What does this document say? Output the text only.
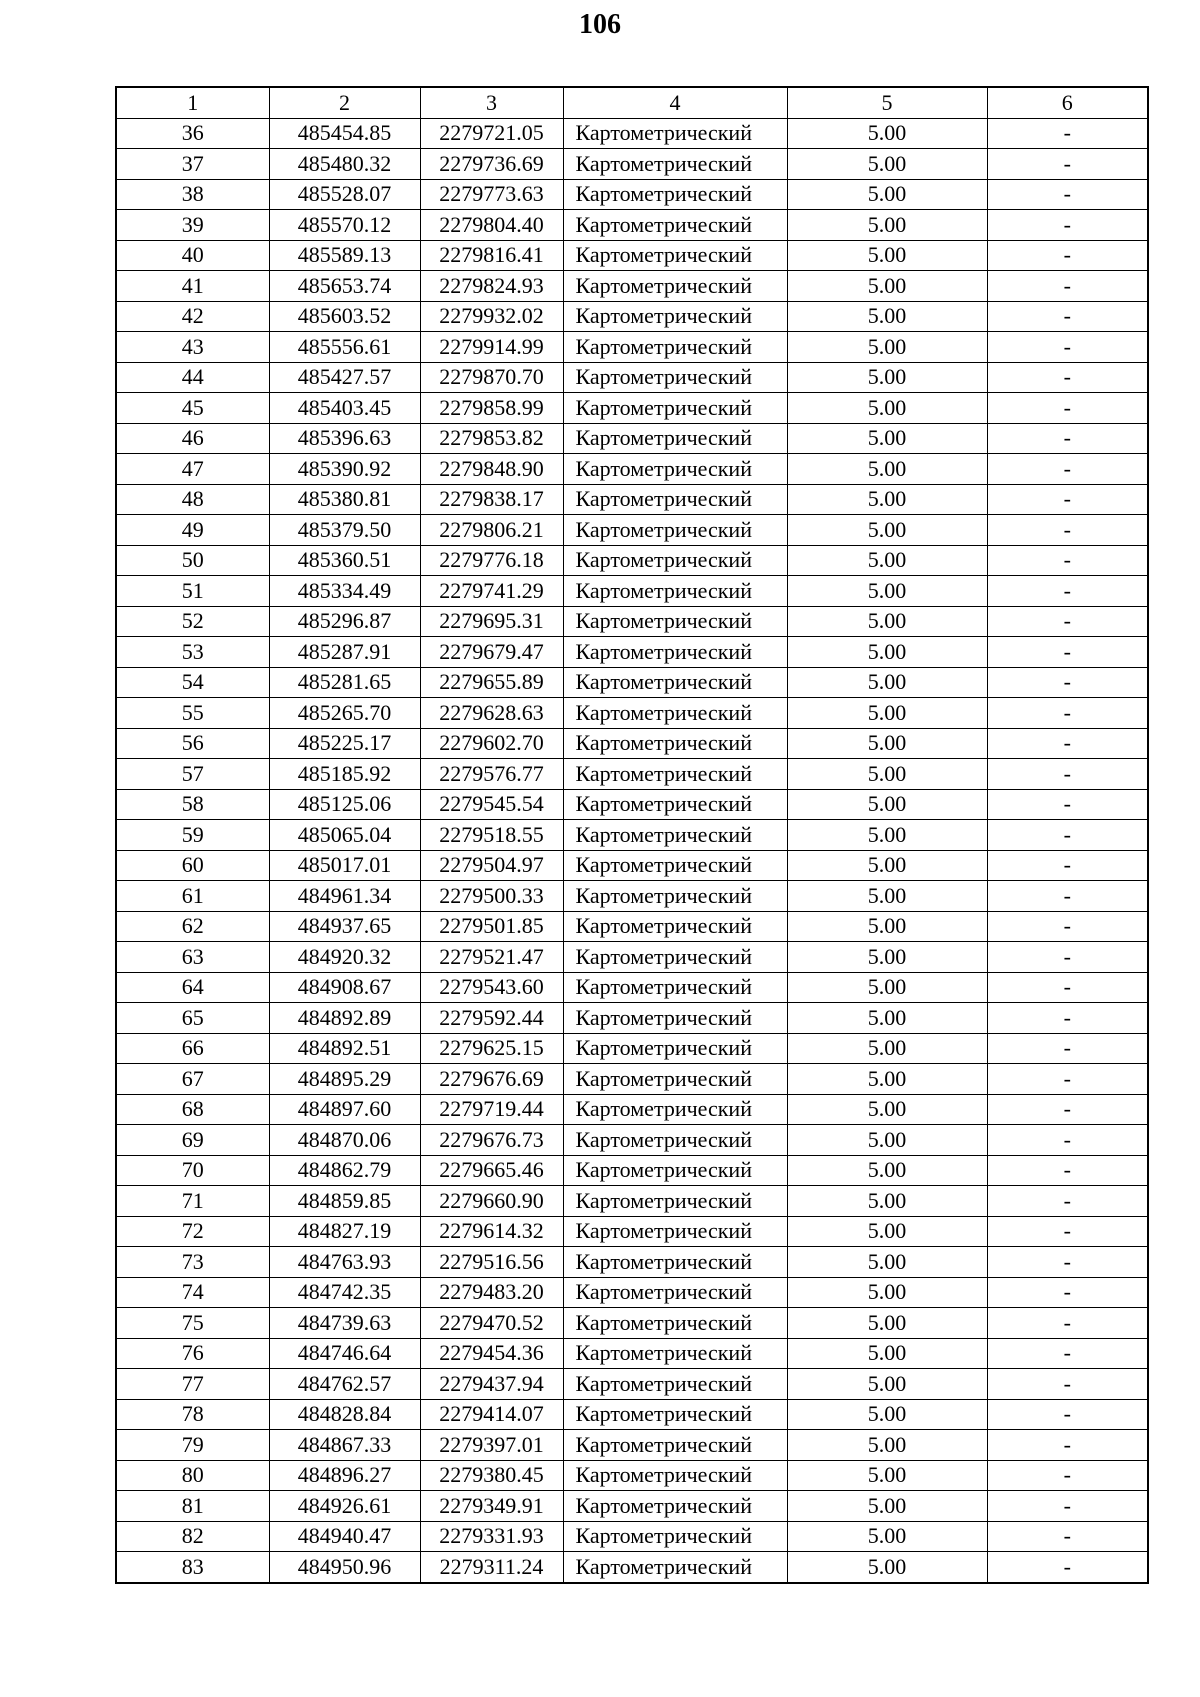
106
1	2	3	4	5	6
36	485454.85	2279721.05	Картометрический	5.00	-
37	485480.32	2279736.69	Картометрический	5.00	-
38	485528.07	2279773.63	Картометрический	5.00	-
39	485570.12	2279804.40	Картометрический	5.00	-
40	485589.13	2279816.41	Картометрический	5.00	-
41	485653.74	2279824.93	Картометрический	5.00	-
42	485603.52	2279932.02	Картометрический	5.00	-
43	485556.61	2279914.99	Картометрический	5.00	-
44	485427.57	2279870.70	Картометрический	5.00	-
45	485403.45	2279858.99	Картометрический	5.00	-
46	485396.63	2279853.82	Картометрический	5.00	-
47	485390.92	2279848.90	Картометрический	5.00	-
48	485380.81	2279838.17	Картометрический	5.00	-
49	485379.50	2279806.21	Картометрический	5.00	-
50	485360.51	2279776.18	Картометрический	5.00	-
51	485334.49	2279741.29	Картометрический	5.00	-
52	485296.87	2279695.31	Картометрический	5.00	-
53	485287.91	2279679.47	Картометрический	5.00	-
54	485281.65	2279655.89	Картометрический	5.00	-
55	485265.70	2279628.63	Картометрический	5.00	-
56	485225.17	2279602.70	Картометрический	5.00	-
57	485185.92	2279576.77	Картометрический	5.00	-
58	485125.06	2279545.54	Картометрический	5.00	-
59	485065.04	2279518.55	Картометрический	5.00	-
60	485017.01	2279504.97	Картометрический	5.00	-
61	484961.34	2279500.33	Картометрический	5.00	-
62	484937.65	2279501.85	Картометрический	5.00	-
63	484920.32	2279521.47	Картометрический	5.00	-
64	484908.67	2279543.60	Картометрический	5.00	-
65	484892.89	2279592.44	Картометрический	5.00	-
66	484892.51	2279625.15	Картометрический	5.00	-
67	484895.29	2279676.69	Картометрический	5.00	-
68	484897.60	2279719.44	Картометрический	5.00	-
69	484870.06	2279676.73	Картометрический	5.00	-
70	484862.79	2279665.46	Картометрический	5.00	-
71	484859.85	2279660.90	Картометрический	5.00	-
72	484827.19	2279614.32	Картометрический	5.00	-
73	484763.93	2279516.56	Картометрический	5.00	-
74	484742.35	2279483.20	Картометрический	5.00	-
75	484739.63	2279470.52	Картометрический	5.00	-
76	484746.64	2279454.36	Картометрический	5.00	-
77	484762.57	2279437.94	Картометрический	5.00	-
78	484828.84	2279414.07	Картометрический	5.00	-
79	484867.33	2279397.01	Картометрический	5.00	-
80	484896.27	2279380.45	Картометрический	5.00	-
81	484926.61	2279349.91	Картометрический	5.00	-
82	484940.47	2279331.93	Картометрический	5.00	-
83	484950.96	2279311.24	Картометрический	5.00	-
